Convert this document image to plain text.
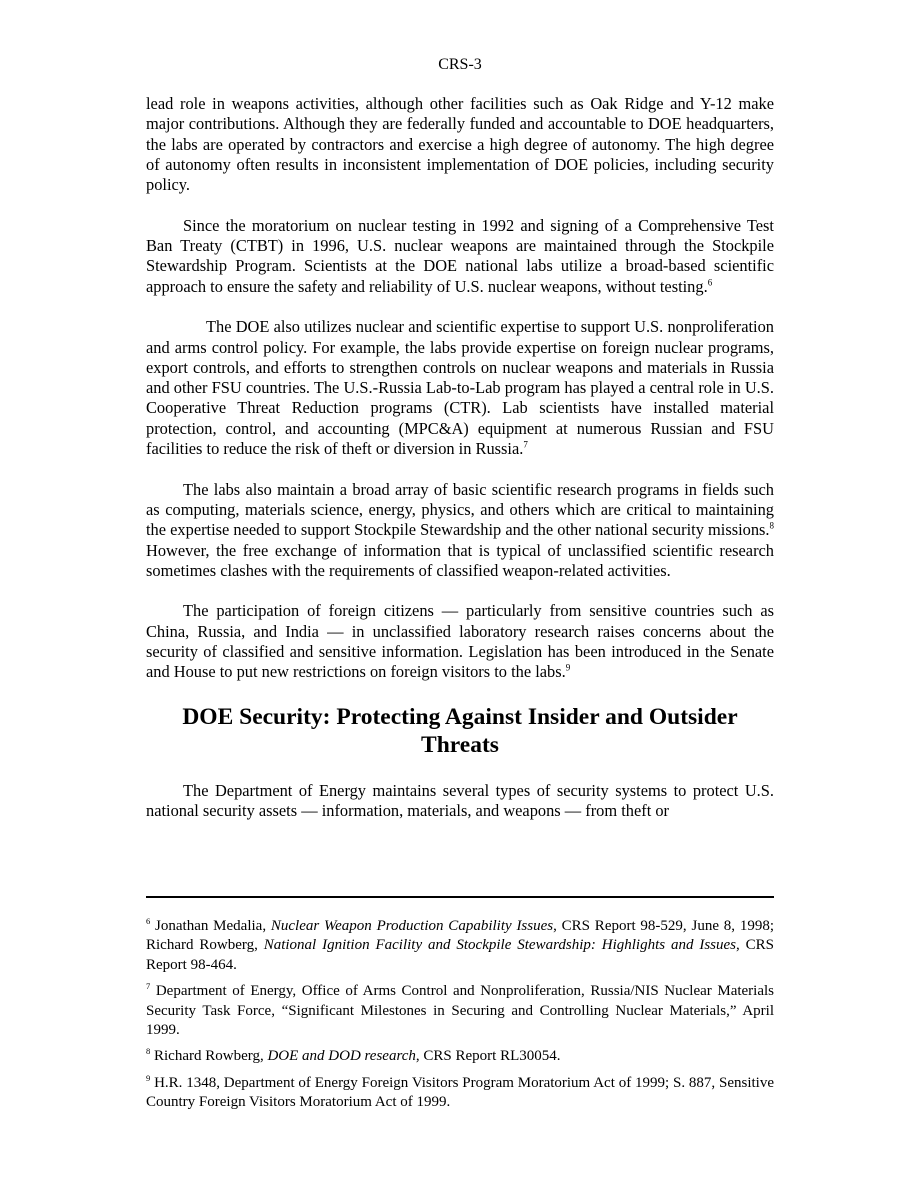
CRS-3

lead role in weapons activities, although other facilities such as Oak Ridge and Y-12 make major contributions. Although they are federally funded and accountable to DOE headquarters, the labs are operated by contractors and exercise a high degree of autonomy. The high degree of autonomy often results in inconsistent implementation of DOE policies, including security policy.

Since the moratorium on nuclear testing in 1992 and signing of a Comprehensive Test Ban Treaty (CTBT) in 1996, U.S. nuclear weapons are maintained through the Stockpile Stewardship Program. Scientists at the DOE national labs utilize a broad-based scientific approach to ensure the safety and reliability of U.S. nuclear weapons, without testing.$^6$

The DOE also utilizes nuclear and scientific expertise to support U.S. nonproliferation and arms control policy. For example, the labs provide expertise on foreign nuclear programs, export controls, and efforts to strengthen controls on nuclear weapons and materials in Russia and other FSU countries. The U.S.-Russia Lab-to-Lab program has played a central role in U.S. Cooperative Threat Reduction programs (CTR). Lab scientists have installed material protection, control, and accounting (MPC&A) equipment at numerous Russian and FSU facilities to reduce the risk of theft or diversion in Russia.$^7$

The labs also maintain a broad array of basic scientific research programs in fields such as computing, materials science, energy, physics, and others which are critical to maintaining the expertise needed to support Stockpile Stewardship and the other national security missions.$^8$ However, the free exchange of information that is typical of unclassified scientific research sometimes clashes with the requirements of classified weapon-related activities.

The participation of foreign citizens — particularly from sensitive countries such as China, Russia, and India — in unclassified laboratory research raises concerns about the security of classified and sensitive information. Legislation has been introduced in the Senate and House to put new restrictions on foreign visitors to the labs.$^9$

DOE Security: Protecting Against Insider and Outsider Threats

The Department of Energy maintains several types of security systems to protect U.S. national security assets — information, materials, and weapons — from theft or

$^6$ Jonathan Medalia, Nuclear Weapon Production Capability Issues, CRS Report 98-529, June 8, 1998; Richard Rowberg, National Ignition Facility and Stockpile Stewardship: Highlights and Issues, CRS Report 98-464.

$^7$ Department of Energy, Office of Arms Control and Nonproliferation, Russia/NIS Nuclear Materials Security Task Force, “Significant Milestones in Securing and Controlling Nuclear Materials,” April 1999.

$^8$ Richard Rowberg, DOE and DOD research, CRS Report RL30054.

$^9$ H.R. 1348, Department of Energy Foreign Visitors Program Moratorium Act of 1999; S. 887, Sensitive Country Foreign Visitors Moratorium Act of 1999.
